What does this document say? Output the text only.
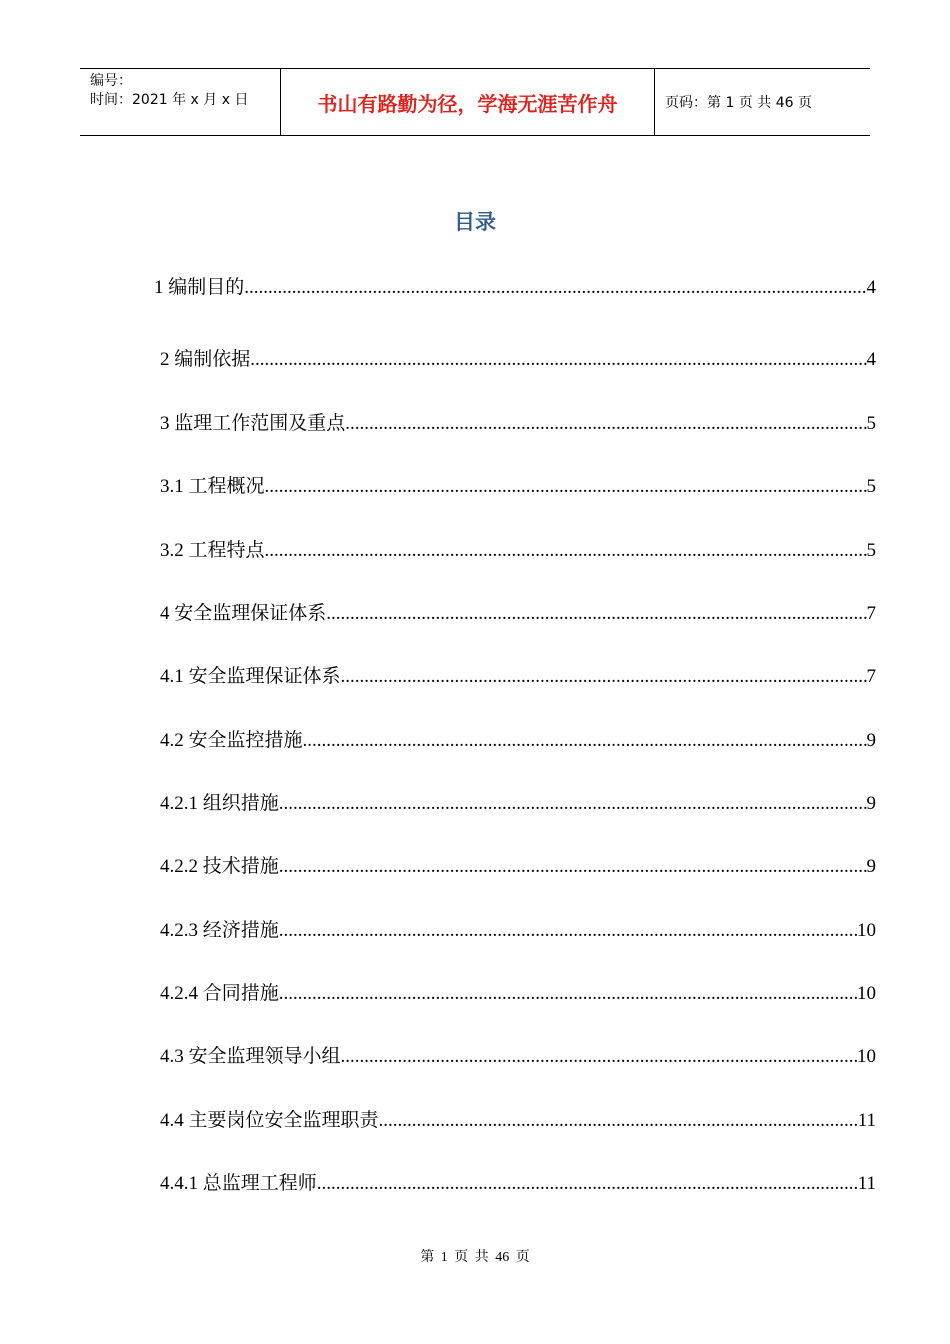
编号：
时间：2021 年 x 月 x 日	书山有路勤为径，学海无涯苦作舟	页码：第 1 页 共 46 页
目录
1 编制目的 .....	4
2 编制依据 .....	4
3 监理工作范围及重点 .....	5
3.1 工程概况 .....	5
3.2 工程特点 .....	5
4 安全监理保证体系 .....	7
4.1 安全监理保证体系 .....	7
4.2 安全监控措施 .....	9
4.2.1 组织措施 .....	9
4.2.2 技术措施 .....	9
4.2.3 经济措施 .....	10
4.2.4 合同措施 .....	10
4.3 安全监理领导小组 .....	10
4.4 主要岗位安全监理职责 .....	11
4.4.1 总监理工程师 .....	11
第 1 页 共 46 页
